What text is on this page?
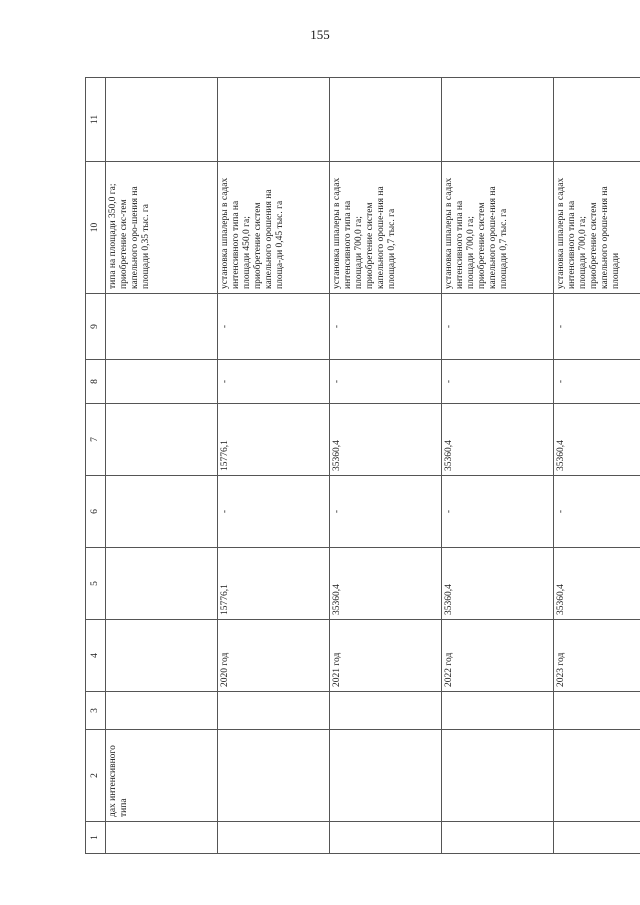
155
1	2	3	4	5	6	7	8	9	10	11
	дах интенсивного типа								типа на площади 350,0 га; приобретение сис-тем капельного оро-шения на площади 0,35 тыс. га	
			2020 год	15776,1	-	15776,1	-	-	установка шпалеры в садах интенсивного типа на площади 450,0 га; приобретение систем капельного орошения на площа-ди 0,45 тыс. га	
			2021 год	35360,4	-	35360,4	-	-	установка шпалеры в садах интенсивного типа на площади 700,0 га; приобретение систем капельного ороше-ния на площади 0,7 тыс. га	
			2022 год	35360,4	-	35360,4	-	-	установка шпалеры в садах интенсивного типа на площади 700,0 га; приобретение систем капельного ороше-ния на площади 0,7 тыс. га	
			2023 год	35360,4	-	35360,4	-	-	установка шпалеры в садах интенсивного типа на площади 700,0 га; приобретение систем капельного ороше-ния на площади	
